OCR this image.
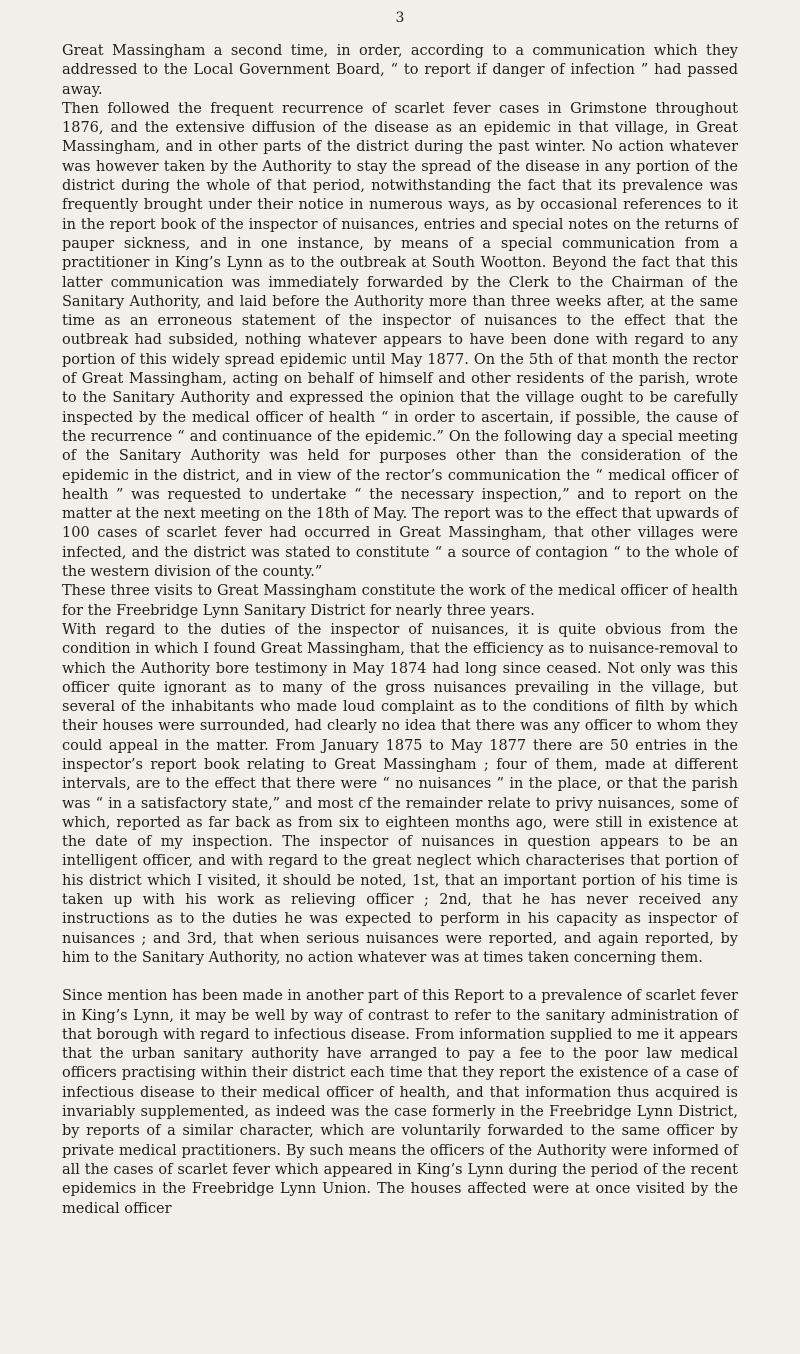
3

Great Massingham a second time, in order, according to a communication which they addressed to the Local Government Board, “ to report if danger of infection ” had passed away.

Then followed the frequent recurrence of scarlet fever cases in Grimstone throughout 1876, and the extensive diffusion of the disease as an epidemic in that village, in Great Massingham, and in other parts of the district during the past winter. No action whatever was however taken by the Authority to stay the spread of the disease in any portion of the district during the whole of that period, notwithstanding the fact that its prevalence was frequently brought under their notice in numerous ways, as by occasional references to it in the report book of the inspector of nuisances, entries and special notes on the returns of pauper sickness, and in one instance, by means of a special communication from a practitioner in King’s Lynn as to the outbreak at South Wootton. Beyond the fact that this latter communication was immediately forwarded by the Clerk to the Chairman of the Sanitary Authority, and laid before the Authority more than three weeks after, at the same time as an erroneous statement of the inspector of nuisances to the effect that the outbreak had subsided, nothing whatever appears to have been done with regard to any portion of this widely spread epidemic until May 1877. On the 5th of that month the rector of Great Massingham, acting on behalf of himself and other residents of the parish, wrote to the Sanitary Authority and expressed the opinion that the village ought to be carefully inspected by the medical officer of health “ in order to ascertain, if possible, the cause of the recurrence “ and continuance of the epidemic.” On the following day a special meeting of the Sanitary Authority was held for purposes other than the consideration of the epidemic in the district, and in view of the rector’s communication the “ medical officer of health ” was requested to undertake “ the necessary inspection,” and to report on the matter at the next meeting on the 18th of May. The report was to the effect that upwards of 100 cases of scarlet fever had occurred in Great Massingham, that other villages were infected, and the district was stated to constitute “ a source of contagion “ to the whole of the western division of the county.”

These three visits to Great Massingham constitute the work of the medical officer of health for the Freebridge Lynn Sanitary District for nearly three years.

With regard to the duties of the inspector of nuisances, it is quite obvious from the condition in which I found Great Massingham, that the efficiency as to nuisance-removal to which the Authority bore testimony in May 1874 had long since ceased. Not only was this officer quite ignorant as to many of the gross nuisances prevailing in the village, but several of the inhabitants who made loud complaint as to the conditions of filth by which their houses were surrounded, had clearly no idea that there was any officer to whom they could appeal in the matter. From January 1875 to May 1877 there are 50 entries in the inspector’s report book relating to Great Massingham ; four of them, made at different intervals, are to the effect that there were “ no nuisances ” in the place, or that the parish was “ in a satisfactory state,” and most cf the remainder relate to privy nuisances, some of which, reported as far back as from six to eighteen months ago, were still in existence at the date of my inspection. The inspector of nuisances in question appears to be an intelligent officer, and with regard to the great neglect which characterises that portion of his district which I visited, it should be noted, 1st, that an important portion of his time is taken up with his work as relieving officer ; 2nd, that he has never received any instructions as to the duties he was expected to perform in his capacity as inspector of nuisances ; and 3rd, that when serious nuisances were reported, and again reported, by him to the Sanitary Authority, no action whatever was at times taken concerning them.

Since mention has been made in another part of this Report to a prevalence of scarlet fever in King’s Lynn, it may be well by way of contrast to refer to the sanitary administration of that borough with regard to infectious disease. From information supplied to me it appears that the urban sanitary authority have arranged to pay a fee to the poor law medical officers practising within their district each time that they report the existence of a case of infectious disease to their medical officer of health, and that information thus acquired is invariably supplemented, as indeed was the case formerly in the Freebridge Lynn District, by reports of a similar character, which are voluntarily forwarded to the same officer by private medical practitioners. By such means the officers of the Authority were informed of all the cases of scarlet fever which appeared in King’s Lynn during the period of the recent epidemics in the Freebridge Lynn Union. The houses affected were at once visited by the medical officer
